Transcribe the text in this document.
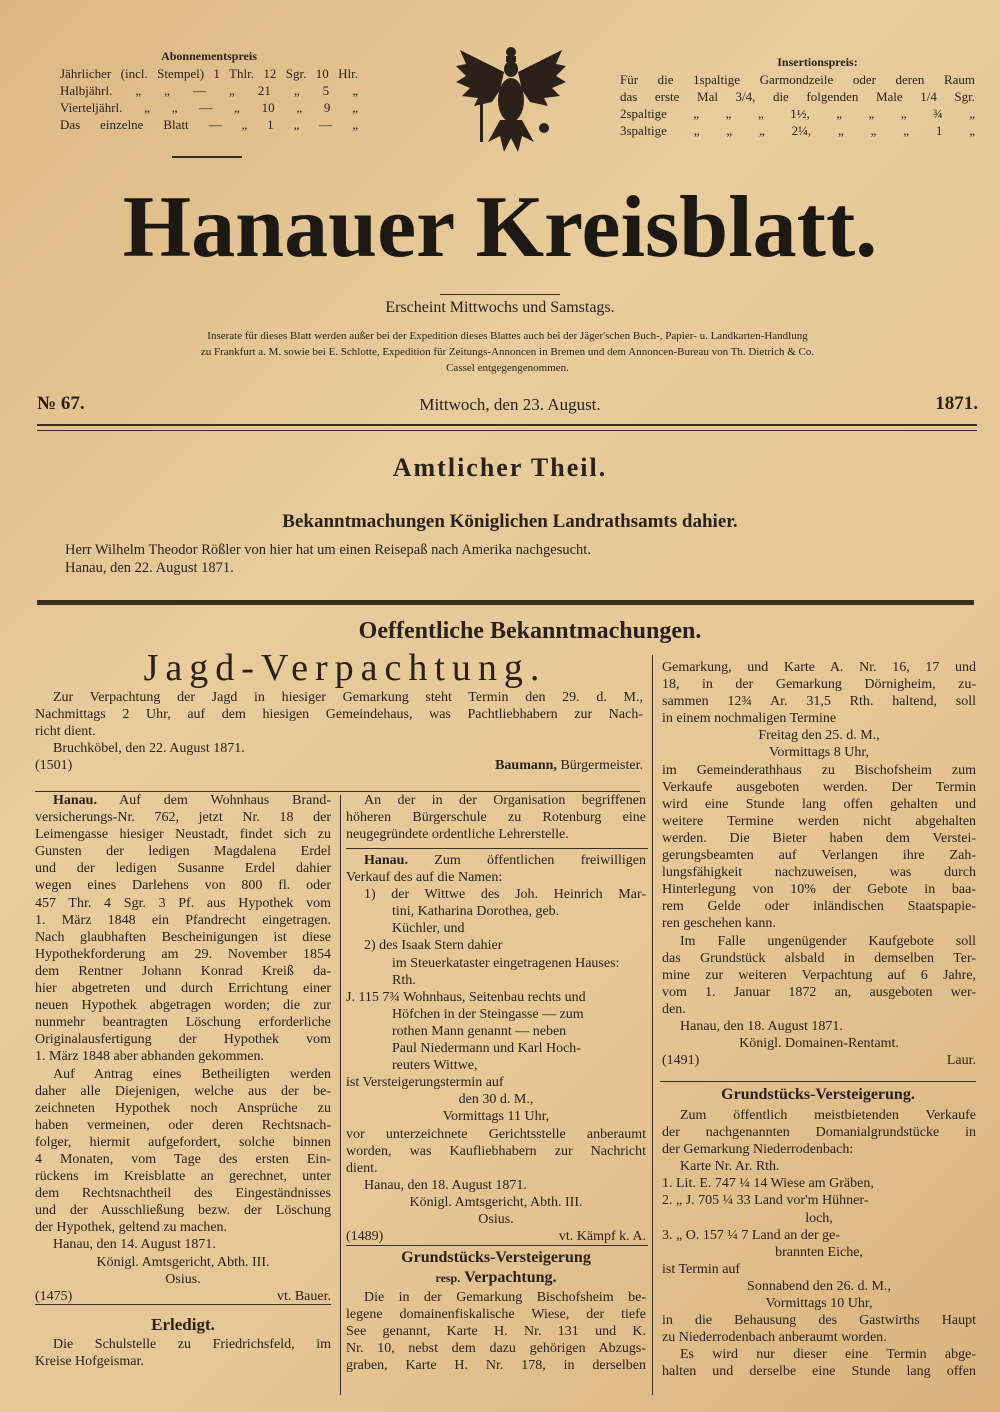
Abonnementspreis
Jährlicher (incl. Stempel) 1 Thlr. 12 Sgr. 10 Hlr.
Halbjährl. „ „ — „ 21 „ 5 „
Vierteljährl. „ „ — „ 10 „ 9 „
Das einzelne Blatt — „ 1 „ — „
Insertionspreis:
Für die 1spaltige Garmondzeile oder deren Raum
das erste Mal 3/4, die folgenden Male 1/4 Sgr.
2spaltige „ „ „ 1½, „ „ „ ¾ „
3spaltige „ „ „ 2¼, „ „ „ 1 „
Hanauer Kreisblatt.
Erscheint Mittwochs und Samstags.
Inserate für dieses Blatt werden außer bei der Expedition dieses Blattes auch bei der Jäger'schen Buch-, Papier- u. Landkarten-Handlung
zu Frankfurt a. M. sowie bei E. Schlotte, Expedition für Zeitungs-Annoncen in Bremen und dem Annoncen-Bureau von Th. Dietrich & Co.
Cassel entgegengenommen.
№ 67.	Mittwoch, den 23. August.	1871.
Amtlicher Theil.
Bekanntmachungen Königlichen Landrathsamts dahier.
Herr Wilhelm Theodor Rößler von hier hat um einen Reisepaß nach Amerika nachgesucht.
Hanau, den 22. August 1871.
Oeffentliche Bekanntmachungen.
Jagd-Verpachtung.
Zur Verpachtung der Jagd in hiesiger Gemarkung steht Termin den 29. d. M.,
Nachmittags 2 Uhr, auf dem hiesigen Gemeindehaus, was Pachtliebhabern zur Nach-
richt dient.
Bruchköbel, den 22. August 1871.
(1501)	Baumann, Bürgermeister.
Hanau. Auf dem Wohnhaus Brand-
versicherungs-Nr. 762, jetzt Nr. 18 der
Leimengasse hiesiger Neustadt, findet sich zu
Gunsten der ledigen Magdalena Erdel
und der ledigen Susanne Erdel dahier
wegen eines Darlehens von 800 fl. oder
457 Thr. 4 Sgr. 3 Pf. aus Hypothek vom
1. März 1848 ein Pfandrecht eingetragen.
Nach glaubhaften Bescheinigungen ist diese
Hypothekforderung am 29. November 1854
dem Rentner Johann Konrad Kreiß da-
hier abgetreten und durch Errichtung einer
neuen Hypothek abgetragen worden; die zur
nunmehr beantragten Löschung erforderliche
Originalausfertigung der Hypothek vom
1. März 1848 aber abhanden gekommen.
Auf Antrag eines Betheiligten werden
daher alle Diejenigen, welche aus der be-
zeichneten Hypothek noch Ansprüche zu
haben vermeinen, oder deren Rechtsnach-
folger, hiermit aufgefordert, solche binnen
4 Monaten, vom Tage des ersten Ein-
rückens im Kreisblatte an gerechnet, unter
dem Rechtsnachtheil des Eingeständnisses
und der Ausschließung bezw. der Löschung
der Hypothek, geltend zu machen.
Hanau, den 14. August 1871.
Königl. Amtsgericht, Abth. III.
Osius.
(1475)	vt. Bauer.
Erledigt.
Die Schulstelle zu Friedrichsfeld, im
Kreise Hofgeismar.
An der in der Organisation begriffenen
höheren Bürgerschule zu Rotenburg eine
neugegründete ordentliche Lehrerstelle.
Hanau. Zum öffentlichen freiwilligen
Verkauf des auf die Namen:
1) der Wittwe des Joh. Heinrich Mar-
tini, Katharina Dorothea, geb.
Küchler, und
2) des Isaak Stern dahier
im Steuerkataster eingetragenen Hauses:
Rth.
J. 115 7¾ Wohnhaus, Seitenbau rechts und
Höfchen in der Steingasse — zum
rothen Mann genannt — neben
Paul Niedermann und Karl Hoch-
reuters Wittwe,
ist Versteigerungstermin auf
den 30 d. M.,
Vormittags 11 Uhr,
vor unterzeichnete Gerichtsstelle anberaumt
worden, was Kaufliebhabern zur Nachricht
dient.
Hanau, den 18. August 1871.
Königl. Amtsgericht, Abth. III.
Osius.
(1489)	vt. Kämpf k. A.
Grundstücks-Versteigerung
resp. Verpachtung.
Die in der Gemarkung Bischofsheim be-
legene domainenfiskalische Wiese, der tiefe
See genannt, Karte H. Nr. 131 und K.
Nr. 10, nebst dem dazu gehörigen Abzugs-
graben, Karte H. Nr. 178, in derselben
Gemarkung, und Karte A. Nr. 16, 17 und
18, in der Gemarkung Dörnigheim, zu-
sammen 12¾ Ar. 31,5 Rth. haltend, soll
in einem nochmaligen Termine
Freitag den 25. d. M.,
Vormittags 8 Uhr,
im Gemeinderathhaus zu Bischofsheim zum
Verkaufe ausgeboten werden. Der Termin
wird eine Stunde lang offen gehalten und
weitere Termine werden nicht abgehalten
werden. Die Bieter haben dem Verstei-
gerungsbeamten auf Verlangen ihre Zah-
lungsfähigkeit nachzuweisen, was durch
Hinterlegung von 10% der Gebote in baa-
rem Gelde oder inländischen Staatspapie-
ren geschehen kann.
Im Falle ungenügender Kaufgebote soll
das Grundstück alsbald in demselben Ter-
mine zur weiteren Verpachtung auf 6 Jahre,
vom 1. Januar 1872 an, ausgeboten wer-
den.
Hanau, den 18. August 1871.
Königl. Domainen-Rentamt.
(1491)	Laur.
Grundstücks-Versteigerung.
Zum öffentlich meistbietenden Verkaufe
der nachgenannten Domanialgrundstücke in
der Gemarkung Niederrodenbach:
Karte Nr. Ar. Rth.
1. Lit. E. 747 ¼ 14 Wiese am Gräben,
2. „ J. 705 ¼ 33 Land vor'm Hühner-
loch,
3. „ O. 157 ¼ 7 Land an der ge-
brannten Eiche,
ist Termin auf
Sonnabend den 26. d. M.,
Vormittags 10 Uhr,
in die Behausung des Gastwirths Haupt
zu Niederrodenbach anberaumt worden.
Es wird nur dieser eine Termin abge-
halten und derselbe eine Stunde lang offen
